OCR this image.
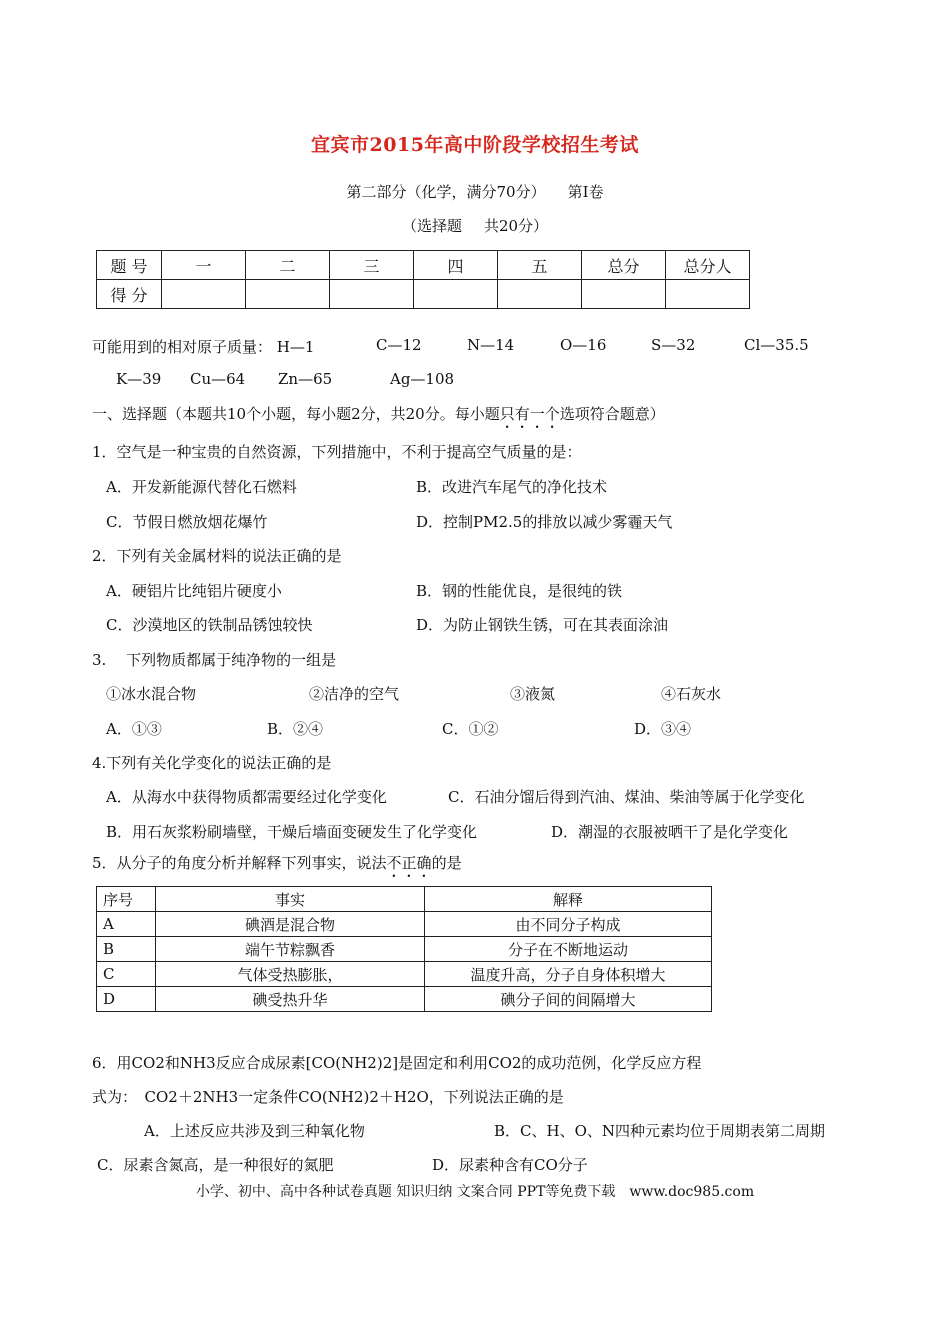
宜宾市2015年高中阶段学校招生考试
第二部分（化学，满分70分） 第Ⅰ卷
（选择题 共20分）
题 号	一	二	三	四	五	总分	总分人
得 分							
可能用到的相对原子质量： H—1	C—12	N—14	O—16	S—32	Cl—35.5
K—39 Cu—64 Zn—65	Ag—108
一、选择题（本题共10个小题，每小题2分，共20分。每小题只有一个选项符合题意）
1．空气是一种宝贵的自然资源，下列措施中，不利于提高空气质量的是：
A．开发新能源代替化石燃料	B．改进汽车尾气的净化技术
C．节假日燃放烟花爆竹	D．控制PM2.5的排放以减少雾霾天气
2．下列有关金属材料的说法正确的是
A．硬铝片比纯铝片硬度小	B．钢的性能优良，是很纯的铁
C．沙漠地区的铁制品锈蚀较快	D．为防止钢铁生锈，可在其表面涂油
3.　 下列物质都属于纯净物的一组是
①冰水混合物	②洁净的空气	③液氮	④石灰水
A．①③	B．②④	C．①②	D．③④
4.下列有关化学变化的说法正确的是
A．从海水中获得物质都需要经过化学变化	C．石油分馏后得到汽油、煤油、柴油等属于化学变化
B．用石灰浆粉刷墙壁，干燥后墙面变硬发生了化学变化	D．潮湿的衣服被晒干了是化学变化
5．从分子的角度分析并解释下列事实，说法不正确的是
序号	事实	解释
A	碘酒是混合物	由不同分子构成
B	端午节粽飘香	分子在不断地运动
C	气体受热膨胀，	温度升高，分子自身体积增大
D	碘受热升华	碘分子间的间隔增大
6．用CO2和NH3反应合成尿素[CO(NH2)2]是固定和利用CO2的成功范例，化学反应方程
式为：　CO2＋2NH3一定条件CO(NH2)2＋H2O，下列说法正确的是
A．上述反应共涉及到三种氧化物	B．C、H、O、N四种元素均位于周期表第二周期
C．尿素含氮高，是一种很好的氮肥	D．尿素种含有CO分子
小学、初中、高中各种试卷真题 知识归纳 文案合同 PPT等免费下载　www.doc985.com
